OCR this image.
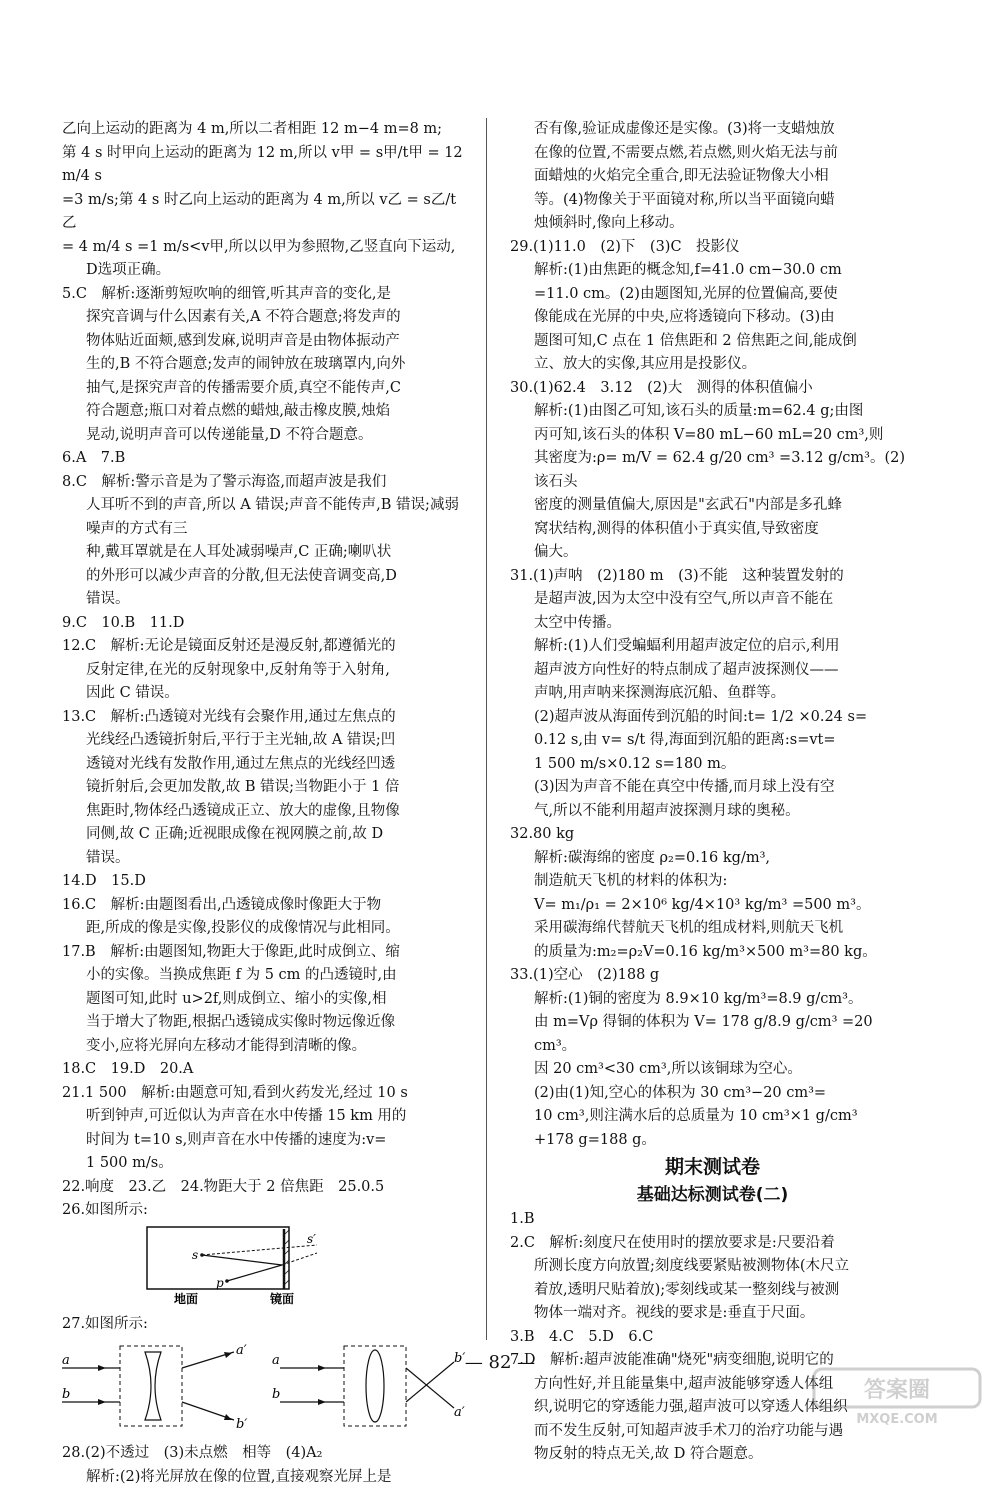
乙向上运动的距离为 4 m,所以二者相距 12 m−4 m=8 m;

第 4 s 时甲向上运动的距离为 12 m,所以 v甲 = s甲/t甲 = 12 m/4 s

=3 m/s;第 4 s 时乙向上运动的距离为 4 m,所以 v乙 = s乙/t乙

= 4 m/4 s =1 m/s<v甲,所以以甲为参照物,乙竖直向下运动,

D选项正确。

5.C　解析:逐渐剪短吹响的细管,听其声音的变化,是

探究音调与什么因素有关,A 不符合题意;将发声的

物体贴近面颊,感到发麻,说明声音是由物体振动产

生的,B 不符合题意;发声的闹钟放在玻璃罩内,向外

抽气,是探究声音的传播需要介质,真空不能传声,C

符合题意;瓶口对着点燃的蜡烛,敲击橡皮膜,烛焰

晃动,说明声音可以传递能量,D 不符合题意。

6.A　7.B

8.C　解析:警示音是为了警示海盗,而超声波是我们

人耳听不到的声音,所以 A 错误;声音不能传声,B 错误;减弱噪声的方式有三

种,戴耳罩就是在人耳处减弱噪声,C 正确;喇叭状

的外形可以减少声音的分散,但无法使音调变高,D

错误。

9.C　10.B　11.D

12.C　解析:无论是镜面反射还是漫反射,都遵循光的

反射定律,在光的反射现象中,反射角等于入射角,

因此 C 错误。

13.C　解析:凸透镜对光线有会聚作用,通过左焦点的

光线经凸透镜折射后,平行于主光轴,故 A 错误;凹

透镜对光线有发散作用,通过左焦点的光线经凹透

镜折射后,会更加发散,故 B 错误;当物距小于 1 倍

焦距时,物体经凸透镜成正立、放大的虚像,且物像

同侧,故 C 正确;近视眼成像在视网膜之前,故 D

错误。

14.D　15.D

16.C　解析:由题图看出,凸透镜成像时像距大于物

距,所成的像是实像,投影仪的成像情况与此相同。

17.B　解析:由题图知,物距大于像距,此时成倒立、缩

小的实像。当换成焦距 f 为 5 cm 的凸透镜时,由

题图可知,此时 u>2f,则成倒立、缩小的实像,相

当于增大了物距,根据凸透镜成实像时物远像近像

变小,应将光屏向左移动才能得到清晰的像。

18.C　19.D　20.A

21.1 500　解析:由题意可知,看到火药发光,经过 10 s

听到钟声,可近似认为声音在水中传播 15 km 用的

时间为 t=10 s,则声音在水中传播的速度为:v=

1 500 m/s。

22.响度　23.乙　24.物距大于 2 倍焦距　25.0.5

26.如图所示:

s
s′
p
地面	镜面

27.如图所示:

a
b
a′
b′
a
b
b′
a′

28.(2)不透过　(3)未点燃　相等　(4)A₂

解析:(2)将光屏放在像的位置,直接观察光屏上是

否有像,验证成虚像还是实像。(3)将一支蜡烛放

在像的位置,不需要点燃,若点燃,则火焰无法与前

面蜡烛的火焰完全重合,即无法验证物像大小相

等。(4)物像关于平面镜对称,所以当平面镜向蜡

烛倾斜时,像向上移动。

29.(1)11.0　(2)下　(3)C　投影仪

解析:(1)由焦距的概念知,f=41.0 cm−30.0 cm

=11.0 cm。(2)由题图知,光屏的位置偏高,要使

像能成在光屏的中央,应将透镜向下移动。(3)由

题图可知,C 点在 1 倍焦距和 2 倍焦距之间,能成倒

立、放大的实像,其应用是投影仪。

30.(1)62.4　3.12　(2)大　测得的体积值偏小

解析:(1)由图乙可知,该石头的质量:m=62.4 g;由图

丙可知,该石头的体积 V=80 mL−60 mL=20 cm³,则

其密度为:ρ= m/V = 62.4 g/20 cm³ =3.12 g/cm³。(2)该石头

密度的测量值偏大,原因是"玄武石"内部是多孔蜂

窝状结构,测得的体积值小于真实值,导致密度

偏大。

31.(1)声呐　(2)180 m　(3)不能　这种装置发射的

是超声波,因为太空中没有空气,所以声音不能在

太空中传播。

解析:(1)人们受蝙蝠利用超声波定位的启示,利用

超声波方向性好的特点制成了超声波探测仪——

声呐,用声呐来探测海底沉船、鱼群等。

(2)超声波从海面传到沉船的时间:t= 1/2 ×0.24 s=

0.12 s,由 v= s/t 得,海面到沉船的距离:s=vt=

1 500 m/s×0.12 s=180 m。

(3)因为声音不能在真空中传播,而月球上没有空

气,所以不能利用超声波探测月球的奥秘。

32.80 kg

解析:碳海绵的密度 ρ₂=0.16 kg/m³,

制造航天飞机的材料的体积为:

V= m₁/ρ₁ = 2×10⁶ kg/4×10³ kg/m³ =500 m³。

采用碳海绵代替航天飞机的组成材料,则航天飞机

的质量为:m₂=ρ₂V=0.16 kg/m³×500 m³=80 kg。

33.(1)空心　(2)188 g

解析:(1)铜的密度为 8.9×10 kg/m³=8.9 g/cm³。

由 m=Vρ 得铜的体积为 V= 178 g/8.9 g/cm³ =20 cm³。

因 20 cm³<30 cm³,所以该铜球为空心。

(2)由(1)知,空心的体积为 30 cm³−20 cm³=

10 cm³,则注满水后的总质量为 10 cm³×1 g/cm³

+178 g=188 g。

期末测试卷

基础达标测试卷(二)

1.B

2.C　解析:刻度尺在使用时的摆放要求是:尺要沿着

所测长度方向放置;刻度线要紧贴被测物体(木尺立

着放,透明尺贴着放);零刻线或某一整刻线与被测

物体一端对齐。视线的要求是:垂直于尺面。

3.B　4.C　5.D　6.C

7.D　解析:超声波能准确"烧死"病变细胞,说明它的

方向性好,并且能量集中,超声波能够穿透人体组

织,说明它的穿透能力强,超声波可以穿透人体组织

而不发生反射,可知超声波手术刀的治疗功能与遇

物反射的特点无关,故 D 符合题意。

— 82 —
答案圈
MXQE.COM
